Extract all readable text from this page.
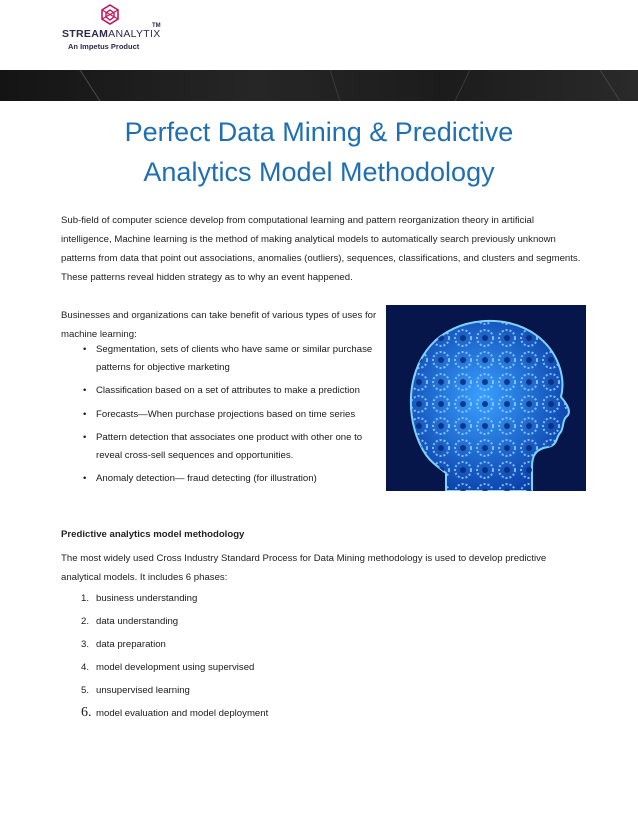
STREAMANALYTIX
TM
An Impetus Product
Perfect Data Mining & Predictive
Analytics Model Methodology

Sub-field of computer science develop from computational learning and pattern reorganization theory in artificial intelligence, Machine learning is the method of making analytical models to automatically search previously unknown patterns from data that point out associations, anomalies (outliers), sequences, classifications, and clusters and segments. These patterns reveal hidden strategy as to why an event happened.

Businesses and organizations can take benefit of various types of uses for machine learning:

• Segmentation, sets of clients who have same or similar purchase patterns for objective marketing
• Classification based on a set of attributes to make a prediction
• Forecasts—When purchase projections based on time series
• Pattern detection that associates one product with other one to reveal cross-sell sequences and opportunities.
• Anomaly detection— fraud detecting (for illustration)
Predictive analytics model methodology

The most widely used Cross Industry Standard Process for Data Mining methodology is used to develop predictive analytical models. It includes 6 phases:

1. business understanding
2. data understanding
3. data preparation
4. model development using supervised
5. unsupervised learning
6. model evaluation and model deployment
